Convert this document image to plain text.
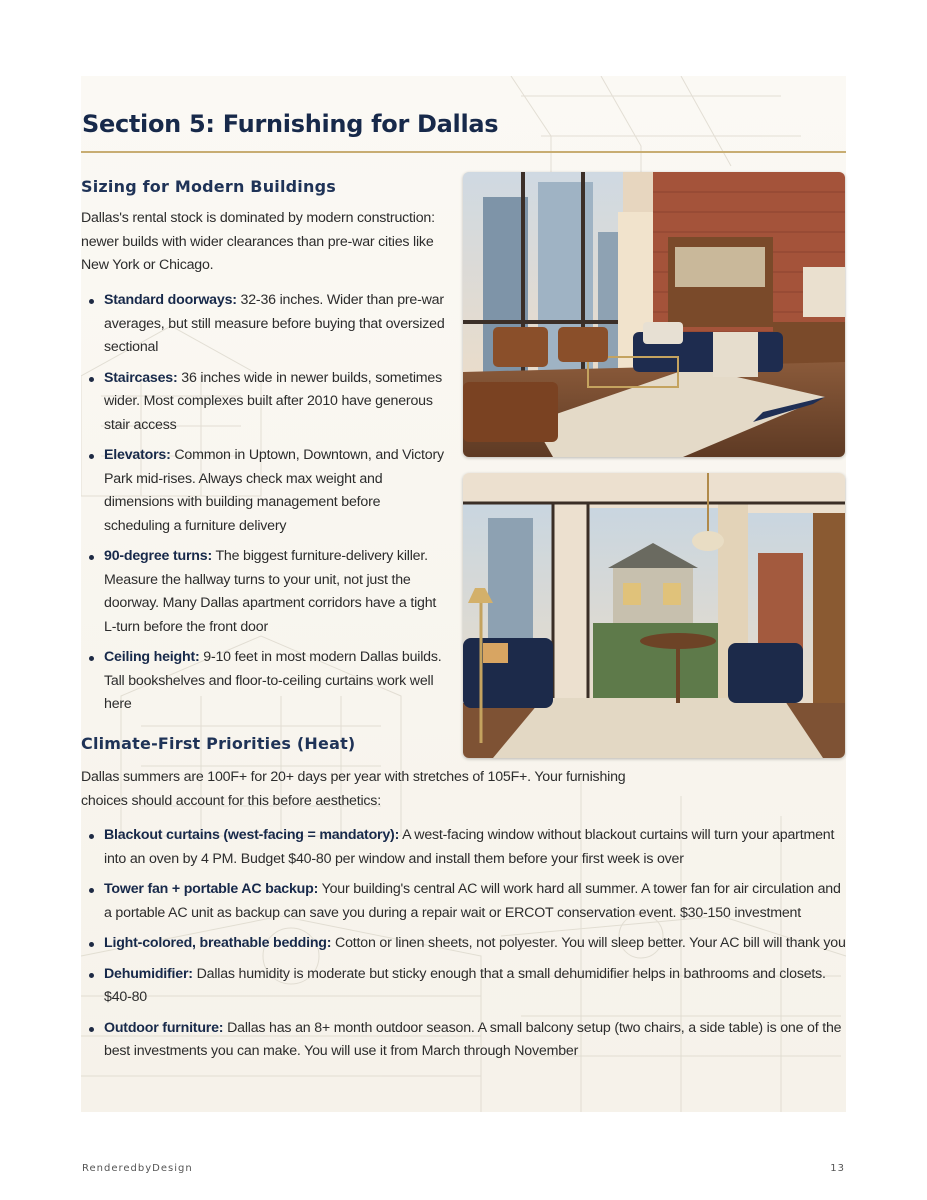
Section 5: Furnishing for Dallas
Sizing for Modern Buildings

Dallas's rental stock is dominated by modern construction: newer builds with wider clearances than pre-war cities like New York or Chicago.

Standard doorways: 32-36 inches. Wider than pre-war averages, but still measure before buying that oversized sectional
Staircases: 36 inches wide in newer builds, sometimes wider. Most complexes built after 2010 have generous stair access
Elevators: Common in Uptown, Downtown, and Victory Park mid-rises. Always check max weight and dimensions with building management before scheduling a furniture delivery
90-degree turns: The biggest furniture-delivery killer. Measure the hallway turns to your unit, not just the doorway. Many Dallas apartment corridors have a tight L-turn before the front door
Ceiling height: 9-10 feet in most modern Dallas builds. Tall bookshelves and floor-to-ceiling curtains work well here
Climate-First Priorities (Heat)

Dallas summers are 100F+ for 20+ days per year with stretches of 105F+. Your furnishing choices should account for this before aesthetics:

Blackout curtains (west-facing = mandatory): A west-facing window without blackout curtains will turn your apartment into an oven by 4 PM. Budget $40-80 per window and install them before your first week is over
Tower fan + portable AC backup: Your building's central AC will work hard all summer. A tower fan for air circulation and a portable AC unit as backup can save you during a repair wait or ERCOT conservation event. $30-150 investment
Light-colored, breathable bedding: Cotton or linen sheets, not polyester. You will sleep better. Your AC bill will thank you
Dehumidifier: Dallas humidity is moderate but sticky enough that a small dehumidifier helps in bathrooms and closets. $40-80
Outdoor furniture: Dallas has an 8+ month outdoor season. A small balcony setup (two chairs, a side table) is one of the best investments you can make. You will use it from March through November
RenderedbyDesign	13
